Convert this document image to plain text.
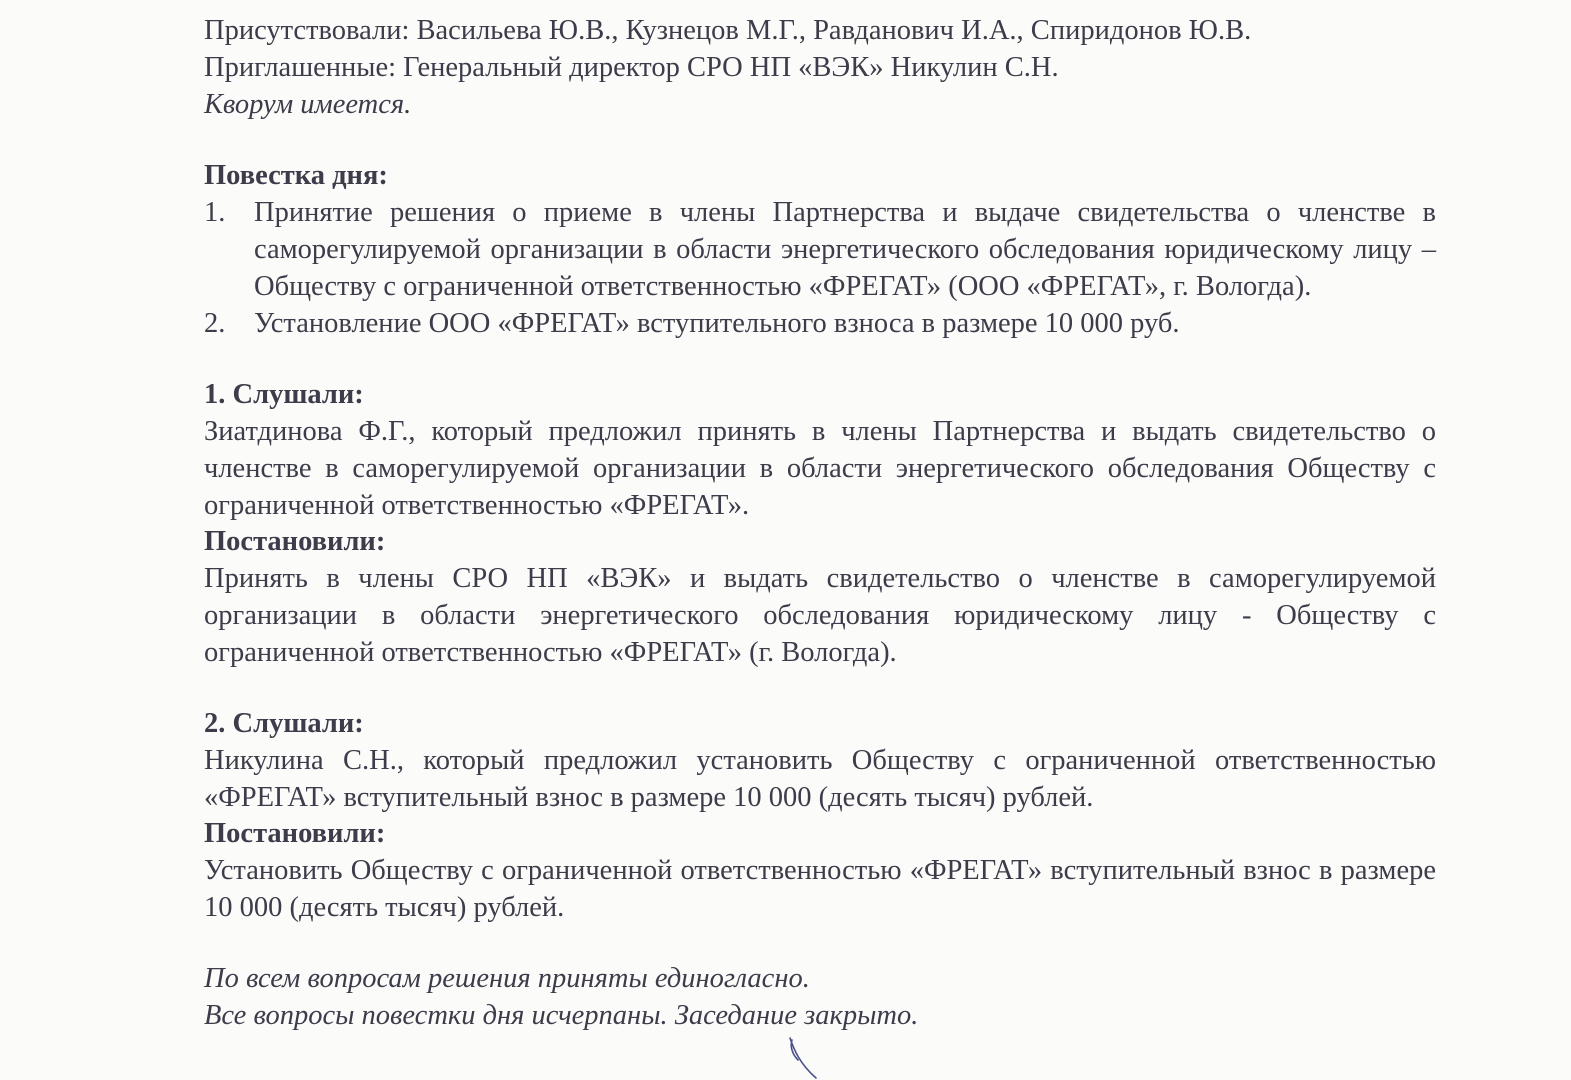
Присутствовали: Васильева Ю.В., Кузнецов М.Г., Равданович И.А., Спиридонов Ю.В.

Приглашенные: Генеральный директор СРО НП «ВЭК» Никулин С.Н.

Кворум имеется.

Повестка дня:

1.	Принятие решения о приеме в члены Партнерства и выдаче свидетельства о членстве в саморегулируемой организации в области энергетического обследования юридическому лицу – Обществу с ограниченной ответственностью «ФРЕГАТ» (ООО «ФРЕГАТ», г. Вологда).
2.	Установление ООО «ФРЕГАТ» вступительного взноса в размере 10 000 руб.

1. Слушали:

Зиатдинова Ф.Г., который предложил принять в члены Партнерства и выдать свидетельство о членстве в саморегулируемой организации в области энергетического обследования Обществу с ограниченной ответственностью «ФРЕГАТ».

Постановили:

Принять в члены СРО НП «ВЭК» и выдать свидетельство о членстве в саморегулируемой организации в области энергетического обследования юридическому лицу - Обществу с ограниченной ответственностью «ФРЕГАТ» (г. Вологда).

2. Слушали:

Никулина С.Н., который предложил установить Обществу с ограниченной ответственностью «ФРЕГАТ» вступительный взнос в размере 10 000 (десять тысяч) рублей.

Постановили:

Установить Обществу с ограниченной ответственностью «ФРЕГАТ» вступительный взнос в размере 10 000 (десять тысяч) рублей.

По всем вопросам решения приняты единогласно.

Все вопросы повестки дня исчерпаны. Заседание закрыто.
